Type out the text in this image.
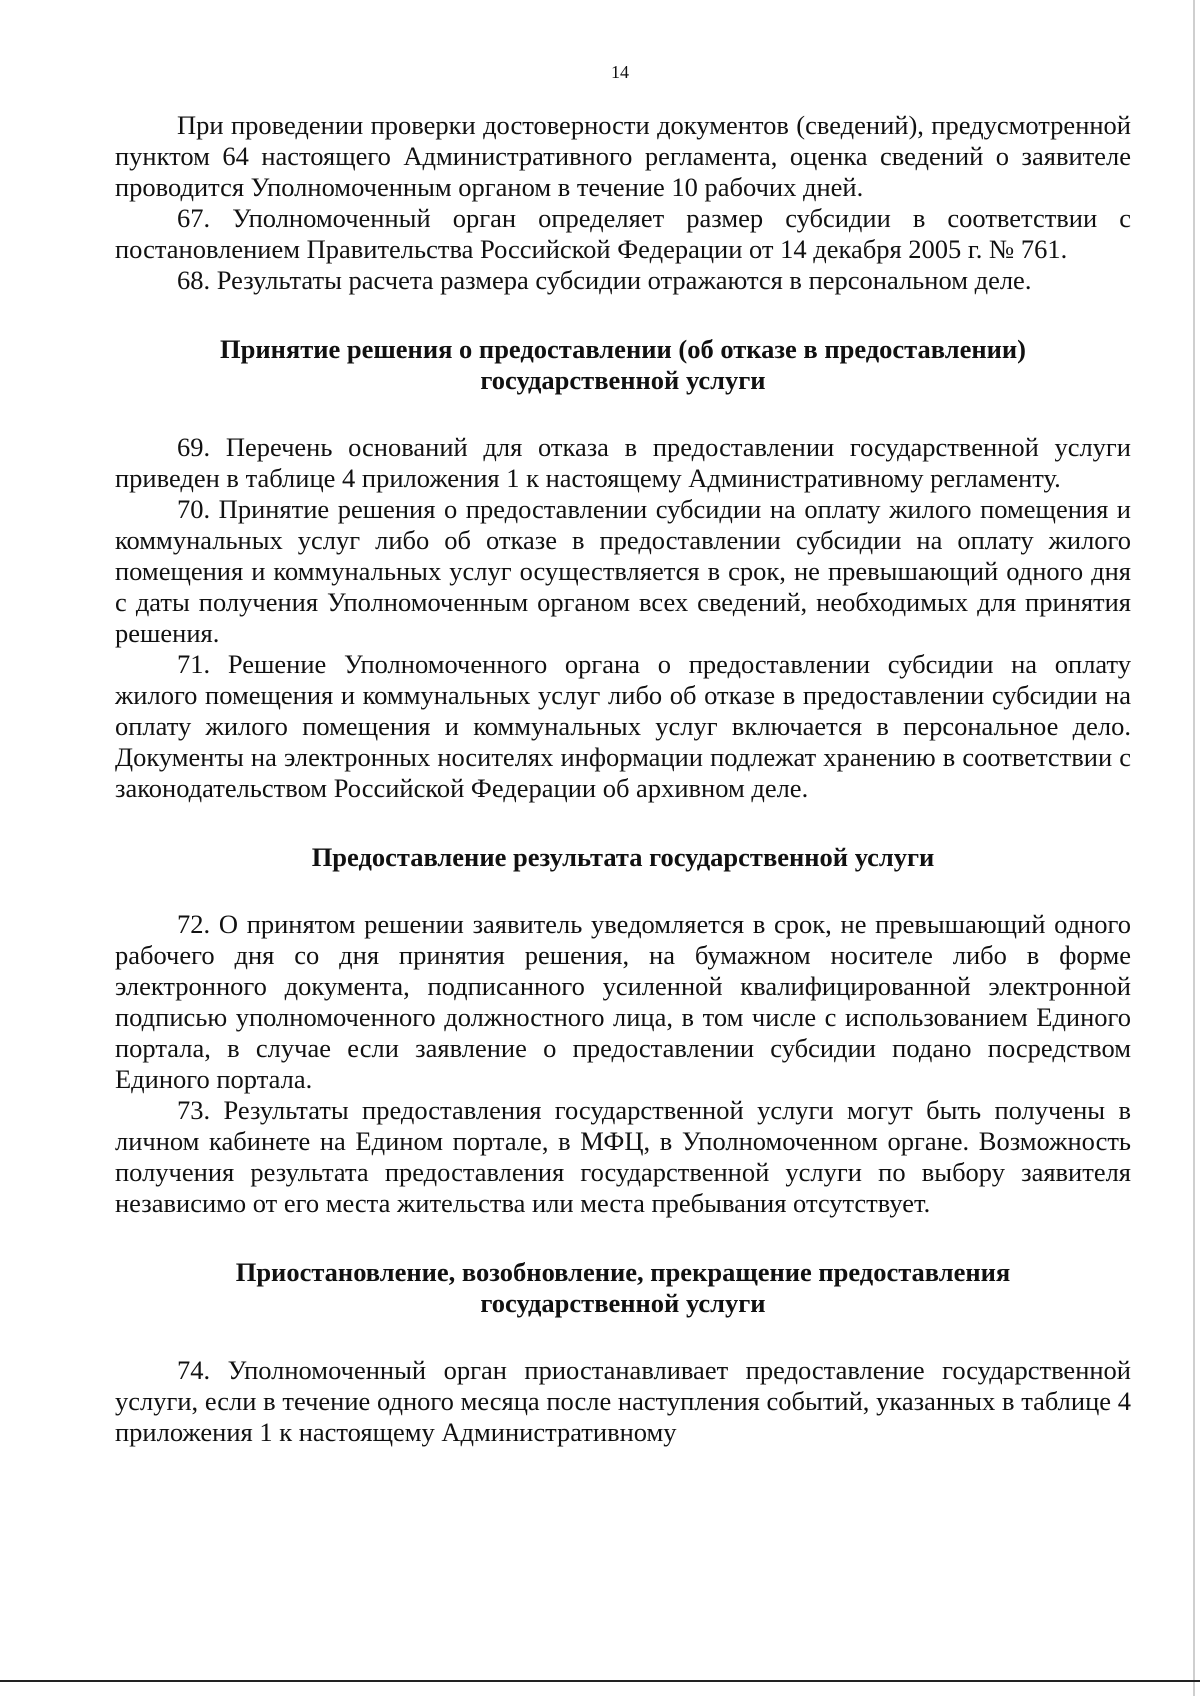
14

При проведении проверки достоверности документов (сведений), предусмотренной пунктом 64 настоящего Административного регламента, оценка сведений о заявителе проводится Уполномоченным органом в течение 10 рабочих дней.

67. Уполномоченный орган определяет размер субсидии в соответствии с постановлением Правительства Российской Федерации от 14 декабря 2005 г. № 761.

68. Результаты расчета размера субсидии отражаются в персональном деле.

Принятие решения о предоставлении (об отказе в предоставлении)
государственной услуги

69. Перечень оснований для отказа в предоставлении государственной услуги приведен в таблице 4 приложения 1 к настоящему Административному регламенту.

70. Принятие решения о предоставлении субсидии на оплату жилого помещения и коммунальных услуг либо об отказе в предоставлении субсидии на оплату жилого помещения и коммунальных услуг осуществляется в срок, не превышающий одного дня с даты получения Уполномоченным органом всех сведений, необходимых для принятия решения.

71. Решение Уполномоченного органа о предоставлении субсидии на оплату жилого помещения и коммунальных услуг либо об отказе в предоставлении субсидии на оплату жилого помещения и коммунальных услуг включается в персональное дело. Документы на электронных носителях информации подлежат хранению в соответствии с законодательством Российской Федерации об архивном деле.

Предоставление результата государственной услуги

72. О принятом решении заявитель уведомляется в срок, не превышающий одного рабочего дня со дня принятия решения, на бумажном носителе либо в форме электронного документа, подписанного усиленной квалифицированной электронной подписью уполномоченного должностного лица, в том числе с использованием Единого портала, в случае если заявление о предоставлении субсидии подано посредством Единого портала.

73. Результаты предоставления государственной услуги могут быть получены в личном кабинете на Едином портале, в МФЦ, в Уполномоченном органе. Возможность получения результата предоставления государственной услуги по выбору заявителя независимо от его места жительства или места пребывания отсутствует.

Приостановление, возобновление, прекращение предоставления
государственной услуги

74. Уполномоченный орган приостанавливает предоставление государственной услуги, если в течение одного месяца после наступления событий, указанных в таблице 4 приложения 1 к настоящему Административному
